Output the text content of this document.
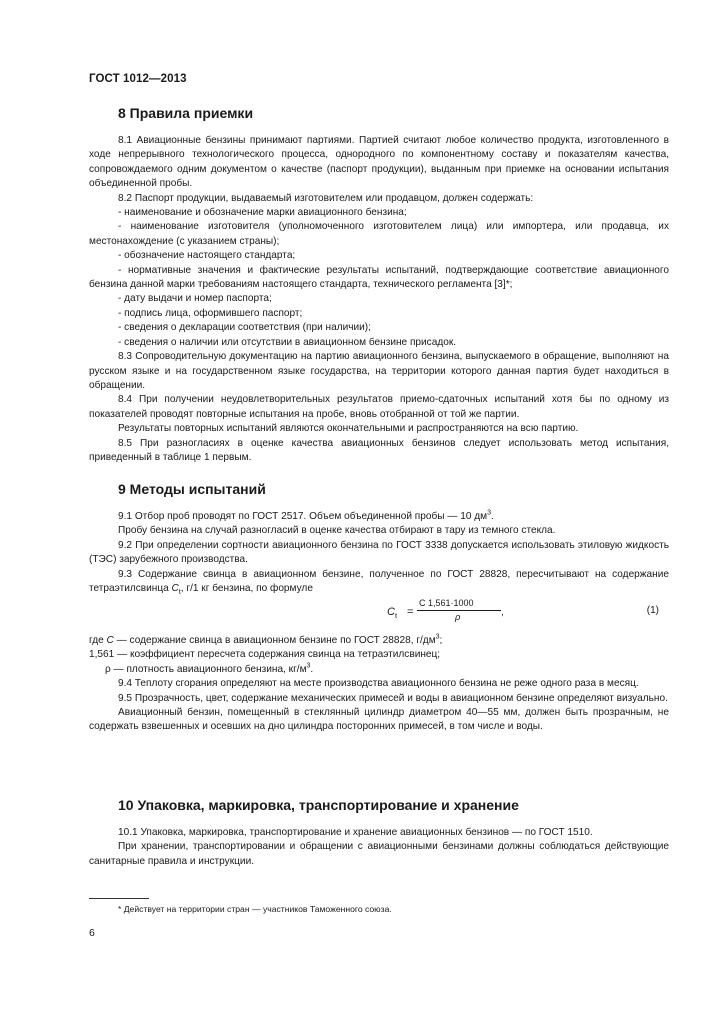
ГОСТ 1012—2013
8 Правила приемки

8.1 Авиационные бензины принимают партиями. Партией считают любое количество продукта, изготовленного в ходе непрерывного технологического процесса, однородного по компонентному составу и показателям качества, сопровождаемого одним документом о качестве (паспорт продукции), выданным при приемке на основании испытания объединенной пробы.

8.2 Паспорт продукции, выдаваемый изготовителем или продавцом, должен содержать:

- наименование и обозначение марки авиационного бензина;

- наименование изготовителя (уполномоченного изготовителем лица) или импортера, или продавца, их местонахождение (с указанием страны);

- обозначение настоящего стандарта;

- нормативные значения и фактические результаты испытаний, подтверждающие соответствие авиационного бензина данной марки требованиям настоящего стандарта, технического регламента [3]*;

- дату выдачи и номер паспорта;

- подпись лица, оформившего паспорт;

- сведения о декларации соответствия (при наличии);

- сведения о наличии или отсутствии в авиационном бензине присадок.

8.3 Сопроводительную документацию на партию авиационного бензина, выпускаемого в обращение, выполняют на русском языке и на государственном языке государства, на территории которого данная партия будет находиться в обращении.

8.4 При получении неудовлетворительных результатов приемо-сдаточных испытаний хотя бы по одному из показателей проводят повторные испытания на пробе, вновь отобранной от той же партии.

Результаты повторных испытаний являются окончательными и распространяются на всю партию.

8.5 При разногласиях в оценке качества авиационных бензинов следует использовать метод испытания, приведенный в таблице 1 первым.

9 Методы испытаний

9.1 Отбор проб проводят по ГОСТ 2517. Объем объединенной пробы — 10 $дм^3$.

Пробу бензина на случай разногласий в оценке качества отбирают в тару из темного стекла.

9.2 При определении сортности авиационного бензина по ГОСТ 3338 допускается использовать этиловую жидкость (ТЭС) зарубежного производства.

9.3 Содержание свинца в авиационном бензине, полученное по ГОСТ 28828, пересчитывают на содержание тетраэтилсвинца $C_t$, г/1 кг бензина, по формуле

$C_t$ =
C 1,561·1000
ρ	,	(1)

где C — содержание свинца в авиационном бензине по ГОСТ 28828, $г/дм^3$;

1,561 — коэффициент пересчета содержания свинца на тетраэтилсвинец;

ρ — плотность авиационного бензина, $кг/м^3$.

9.4 Теплоту сгорания определяют на месте производства авиационного бензина не реже одного раза в месяц.

9.5 Прозрачность, цвет, содержание механических примесей и воды в авиационном бензине определяют визуально.

Авиационный бензин, помещенный в стеклянный цилиндр диаметром 40—55 мм, должен быть прозрачным, не содержать взвешенных и осевших на дно цилиндра посторонних примесей, в том числе и воды.

10 Упаковка, маркировка, транспортирование и хранение

10.1 Упаковка, маркировка, транспортирование и хранение авиационных бензинов — по ГОСТ 1510.

При хранении, транспортировании и обращении с авиационными бензинами должны соблюдаться действующие санитарные правила и инструкции.

* Действует на территории стран — участников Таможенного союза.
6
